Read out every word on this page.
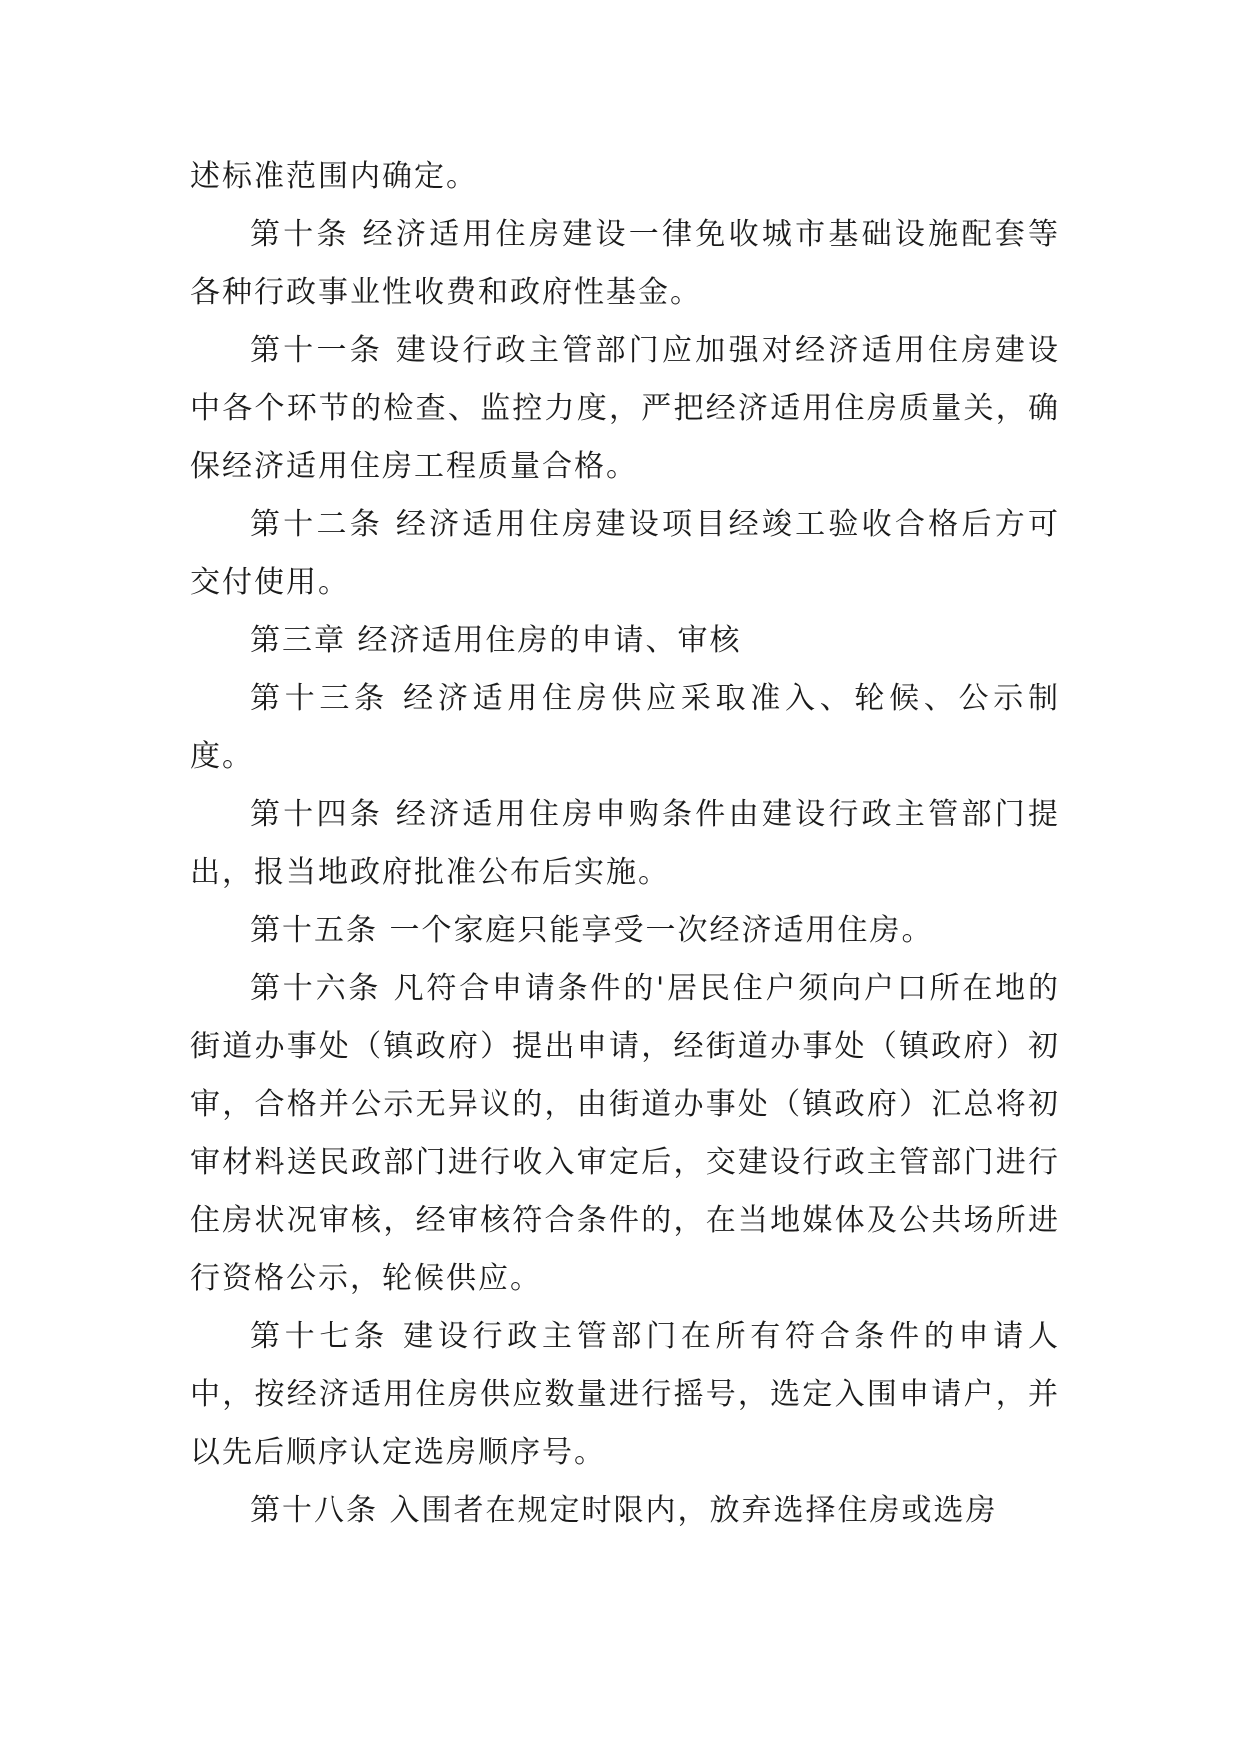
述标准范围内确定。

第十条 经济适用住房建设一律免收城市基础设施配套等各种行政事业性收费和政府性基金。

第十一条 建设行政主管部门应加强对经济适用住房建设中各个环节的检查、监控力度，严把经济适用住房质量关，确保经济适用住房工程质量合格。

第十二条 经济适用住房建设项目经竣工验收合格后方可交付使用。

第三章 经济适用住房的申请、审核

第十三条 经济适用住房供应采取准入、轮候、公示制度。

第十四条 经济适用住房申购条件由建设行政主管部门提出，报当地政府批准公布后实施。

第十五条 一个家庭只能享受一次经济适用住房。

第十六条 凡符合申请条件的'居民住户须向户口所在地的街道办事处（镇政府）提出申请，经街道办事处（镇政府）初审，合格并公示无异议的，由街道办事处（镇政府）汇总将初审材料送民政部门进行收入审定后，交建设行政主管部门进行住房状况审核，经审核符合条件的，在当地媒体及公共场所进行资格公示，轮候供应。

第十七条 建设行政主管部门在所有符合条件的申请人中，按经济适用住房供应数量进行摇号，选定入围申请户，并以先后顺序认定选房顺序号。

第十八条 入围者在规定时限内，放弃选择住房或选房
